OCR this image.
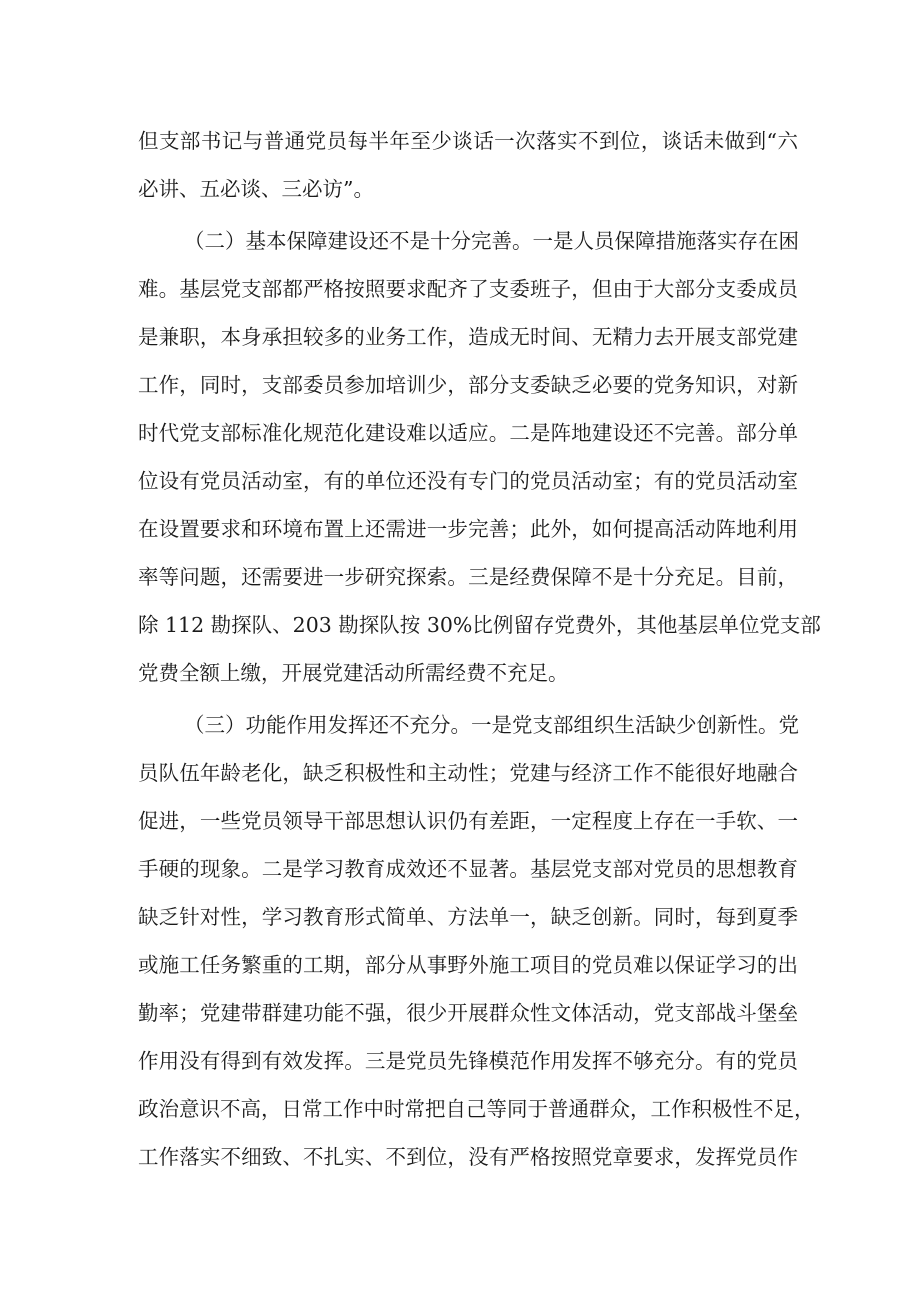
但支部书记与普通党员每半年至少谈话一次落实不到位，谈话未做到“六
必讲、五必谈、三必访”。
（二）基本保障建设还不是十分完善。一是人员保障措施落实存在困
难。基层党支部都严格按照要求配齐了支委班子，但由于大部分支委成员
是兼职，本身承担较多的业务工作，造成无时间、无精力去开展支部党建
工作，同时，支部委员参加培训少，部分支委缺乏必要的党务知识，对新
时代党支部标准化规范化建设难以适应。二是阵地建设还不完善。部分单
位设有党员活动室，有的单位还没有专门的党员活动室；有的党员活动室
在设置要求和环境布置上还需进一步完善；此外，如何提高活动阵地利用
率等问题，还需要进一步研究探索。三是经费保障不是十分充足。目前，
除 112 勘探队、203 勘探队按 30%比例留存党费外，其他基层单位党支部
党费全额上缴，开展党建活动所需经费不充足。
（三）功能作用发挥还不充分。一是党支部组织生活缺少创新性。党
员队伍年龄老化，缺乏积极性和主动性；党建与经济工作不能很好地融合
促进，一些党员领导干部思想认识仍有差距，一定程度上存在一手软、一
手硬的现象。二是学习教育成效还不显著。基层党支部对党员的思想教育
缺乏针对性，学习教育形式简单、方法单一，缺乏创新。同时，每到夏季
或施工任务繁重的工期，部分从事野外施工项目的党员难以保证学习的出
勤率；党建带群建功能不强，很少开展群众性文体活动，党支部战斗堡垒
作用没有得到有效发挥。三是党员先锋模范作用发挥不够充分。有的党员
政治意识不高，日常工作中时常把自己等同于普通群众，工作积极性不足，
工作落实不细致、不扎实、不到位，没有严格按照党章要求，发挥党员作
